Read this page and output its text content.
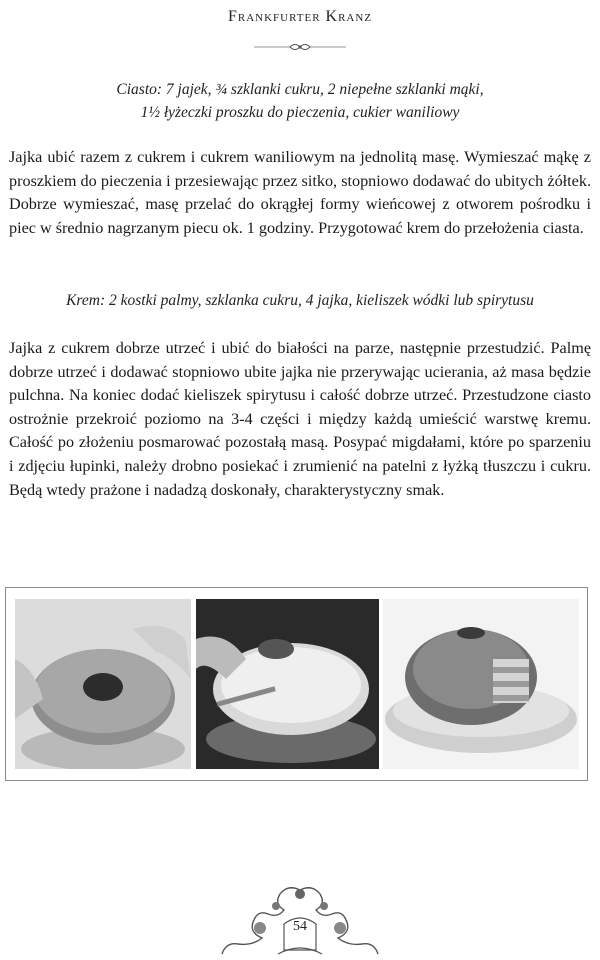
Frankfurter Kranz
Ciasto: 7 jajek, ¾ szklanki cukru, 2 niepełne szklanki mąki,
1½ łyżeczki proszku do pieczenia, cukier waniliowy

Jajka ubić razem z cukrem i cukrem waniliowym na jednolitą masę. Wymieszać mąkę z proszkiem do pieczenia i przesiewając przez sitko, stopniowo dodawać do ubitych żółtek. Dobrze wymieszać, masę przelać do okrągłej formy wieńcowej z otworem pośrodku i piec w średnio nagrzanym piecu ok. 1 godziny. Przygotować krem do przełożenia ciasta.

Krem: 2 kostki palmy, szklanka cukru, 4 jajka, kieliszek wódki lub spirytusu

Jajka z cukrem dobrze utrzeć i ubić do białości na parze, następnie przestudzić. Palmę dobrze utrzeć i dodawać stopniowo ubite jajka nie przerywając ucierania, aż masa będzie pulchna. Na koniec dodać kieliszek spirytusu i całość dobrze utrzeć. Przestudzone ciasto ostrożnie przekroić poziomo na 3-4 części i między każdą umieścić warstwę kremu. Całość po złożeniu posmarować pozostałą masą. Posypać migdałami, które po sparzeniu i zdjęciu łupinki, należy drobno posiekać i zrumienić na patelni z łyżką tłuszczu i cukru. Będą wtedy prażone i nadadzą doskonały, charakterystyczny smak.

54
